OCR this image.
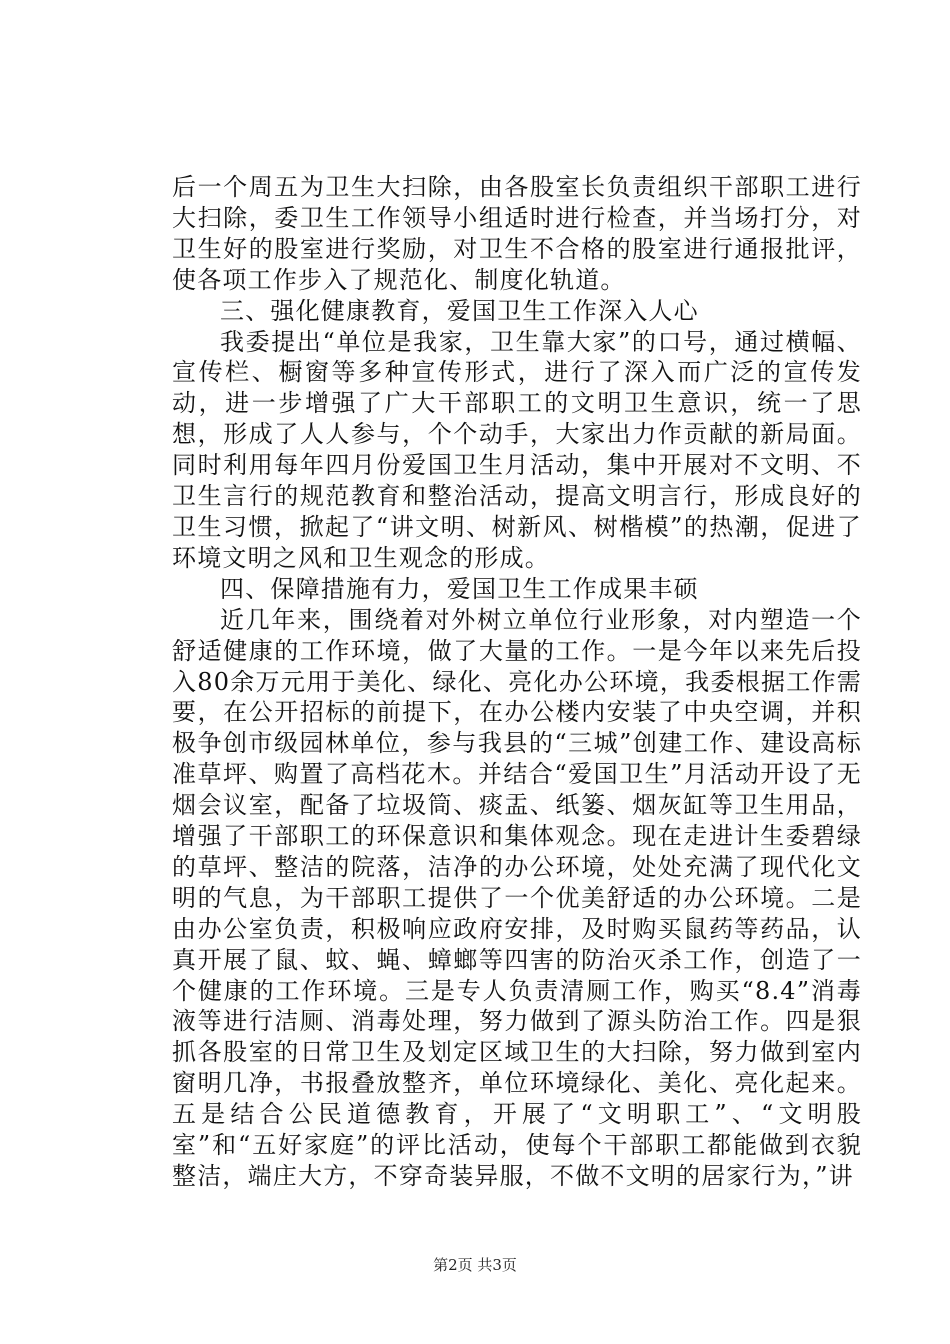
后一个周五为卫生大扫除，由各股室长负责组织干部职工进行大扫除，委卫生工作领导小组适时进行检查，并当场打分，对卫生好的股室进行奖励，对卫生不合格的股室进行通报批评，使各项工作步入了规范化、制度化轨道。

三、强化健康教育，爱国卫生工作深入人心

我委提出“单位是我家，卫生靠大家”的口号，通过横幅、宣传栏、橱窗等多种宣传形式，进行了深入而广泛的宣传发动，进一步增强了广大干部职工的文明卫生意识，统一了思想，形成了人人参与，个个动手，大家出力作贡献的新局面。同时利用每年四月份爱国卫生月活动，集中开展对不文明、不卫生言行的规范教育和整治活动，提高文明言行，形成良好的卫生习惯，掀起了“讲文明、树新风、树楷模”的热潮，促进了环境文明之风和卫生观念的形成。

四、保障措施有力，爱国卫生工作成果丰硕

近几年来，围绕着对外树立单位行业形象，对内塑造一个舒适健康的工作环境，做了大量的工作。一是今年以来先后投入80余万元用于美化、绿化、亮化办公环境，我委根据工作需要，在公开招标的前提下，在办公楼内安装了中央空调，并积极争创市级园林单位，参与我县的“三城”创建工作、建设高标准草坪、购置了高档花木。并结合“爱国卫生”月活动开设了无烟会议室，配备了垃圾筒、痰盂、纸篓、烟灰缸等卫生用品，增强了干部职工的环保意识和集体观念。现在走进计生委碧绿的草坪、整洁的院落，洁净的办公环境，处处充满了现代化文明的气息，为干部职工提供了一个优美舒适的办公环境。二是由办公室负责，积极响应政府安排，及时购买鼠药等药品，认真开展了鼠、蚊、蝇、蟑螂等四害的防治灭杀工作，创造了一个健康的工作环境。三是专人负责清厕工作，购买“8.4”消毒液等进行洁厕、消毒处理，努力做到了源头防治工作。四是狠抓各股室的日常卫生及划定区域卫生的大扫除，努力做到室内窗明几净，书报叠放整齐，单位环境绿化、美化、亮化起来。五是结合公民道德教育，开展了“文明职工”、“文明股室”和“五好家庭”的评比活动，使每个干部职工都能做到衣貌整洁，端庄大方，不穿奇装异服，不做不文明的居家行为，”讲

第2页 共3页
